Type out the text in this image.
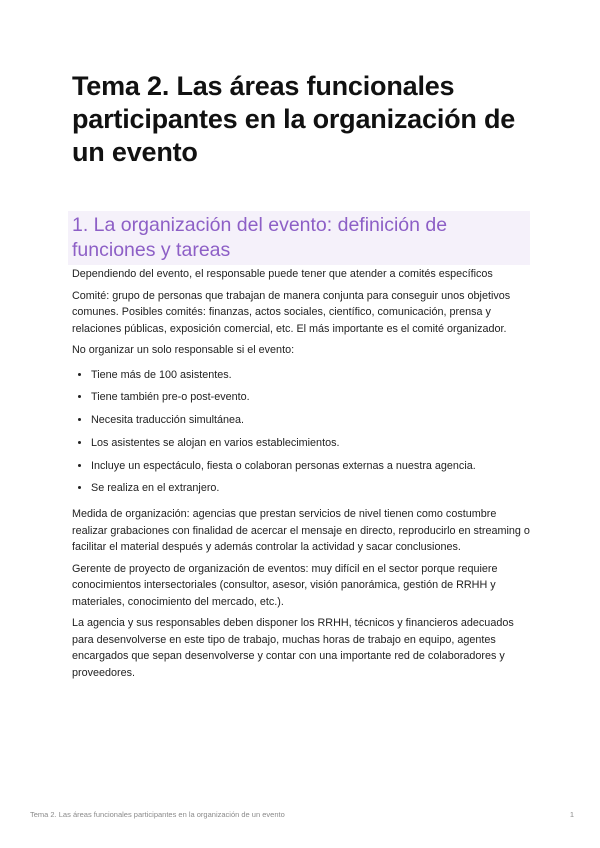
Tema 2. Las áreas funcionales participantes en la organización de un evento
1. La organización del evento: definición de funciones y tareas

Dependiendo del evento, el responsable puede tener que atender a comités específicos

Comité: grupo de personas que trabajan de manera conjunta para conseguir unos objetivos comunes. Posibles comités: finanzas, actos sociales, científico, comunicación, prensa y relaciones públicas, exposición comercial, etc. El más importante es el comité organizador.

No organizar un solo responsable si el evento:

• Tiene más de 100 asistentes.
• Tiene también pre-o post-evento.
• Necesita traducción simultánea.
• Los asistentes se alojan en varios establecimientos.
• Incluye un espectáculo, fiesta o colaboran personas externas a nuestra agencia.
• Se realiza en el extranjero.

Medida de organización: agencias que prestan servicios de nivel tienen como costumbre realizar grabaciones con finalidad de acercar el mensaje en directo, reproducirlo en streaming o facilitar el material después y además controlar la actividad y sacar conclusiones.

Gerente de proyecto de organización de eventos: muy difícil en el sector porque requiere conocimientos intersectoriales (consultor, asesor, visión panorámica, gestión de RRHH y materiales, conocimiento del mercado, etc.).

La agencia y sus responsables deben disponer los RRHH, técnicos y financieros adecuados para desenvolverse en este tipo de trabajo, muchas horas de trabajo en equipo, agentes encargados que sepan desenvolverse y contar con una importante red de colaboradores y proveedores.

Tema 2. Las áreas funcionales participantes en la organización de un evento	1
